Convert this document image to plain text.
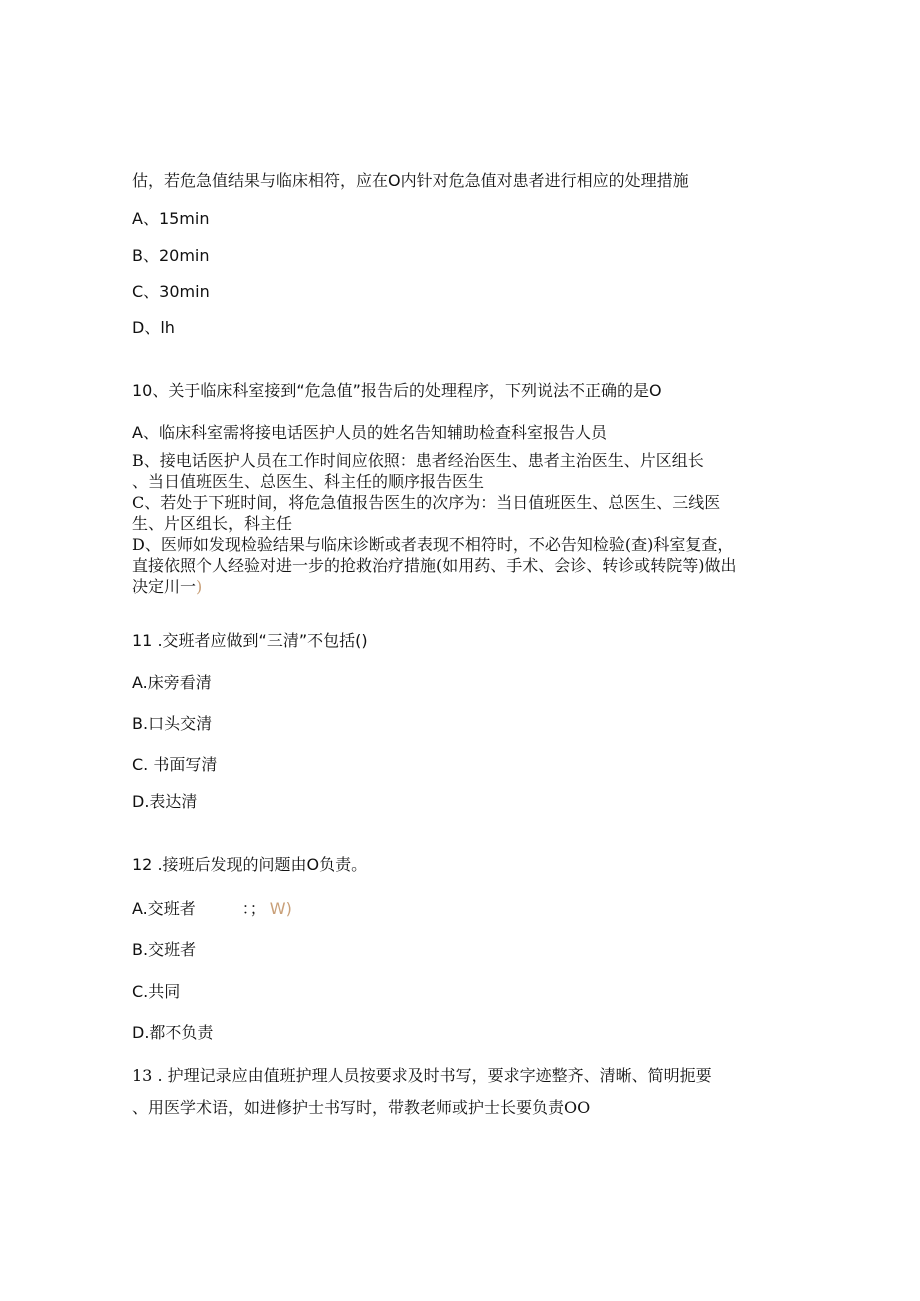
估，若危急值结果与临床相符，应在O内针对危急值对患者进行相应的处理措施
A、15min
B、20min
C、30min
D、lh
10、关于临床科室接到“危急值”报告后的处理程序，下列说法不正确的是O
A、临床科室需将接电话医护人员的姓名告知辅助检查科室报告人员
B、接电话医护人员在工作时间应依照：患者经治医生、患者主治医生、片区组长
、当日值班医生、总医生、科主任的顺序报告医生
C、若处于下班时间，将危急值报告医生的次序为：当日值班医生、总医生、三线医
生、片区组长，科主任
D、医师如发现检验结果与临床诊断或者表现不相符时，不必告知检验(查)科室复查，
直接依照个人经验对进一步的抢救治疗措施(如用药、手术、会诊、转诊或转院等)做出
决定川一)
11 .交班者应做到“三清”不包括()
A.床旁看清
B.口头交清
C. 书面写清
D.表达清
12 .接班后发现的问题由O负责。
A.交班者	：； W)
B.交班者
C.共同
D.都不负责
13 . 护理记录应由值班护理人员按要求及时书写，要求字迹整齐、清晰、简明扼要
、用医学术语，如进修护士书写时，带教老师或护士长要负责OO
